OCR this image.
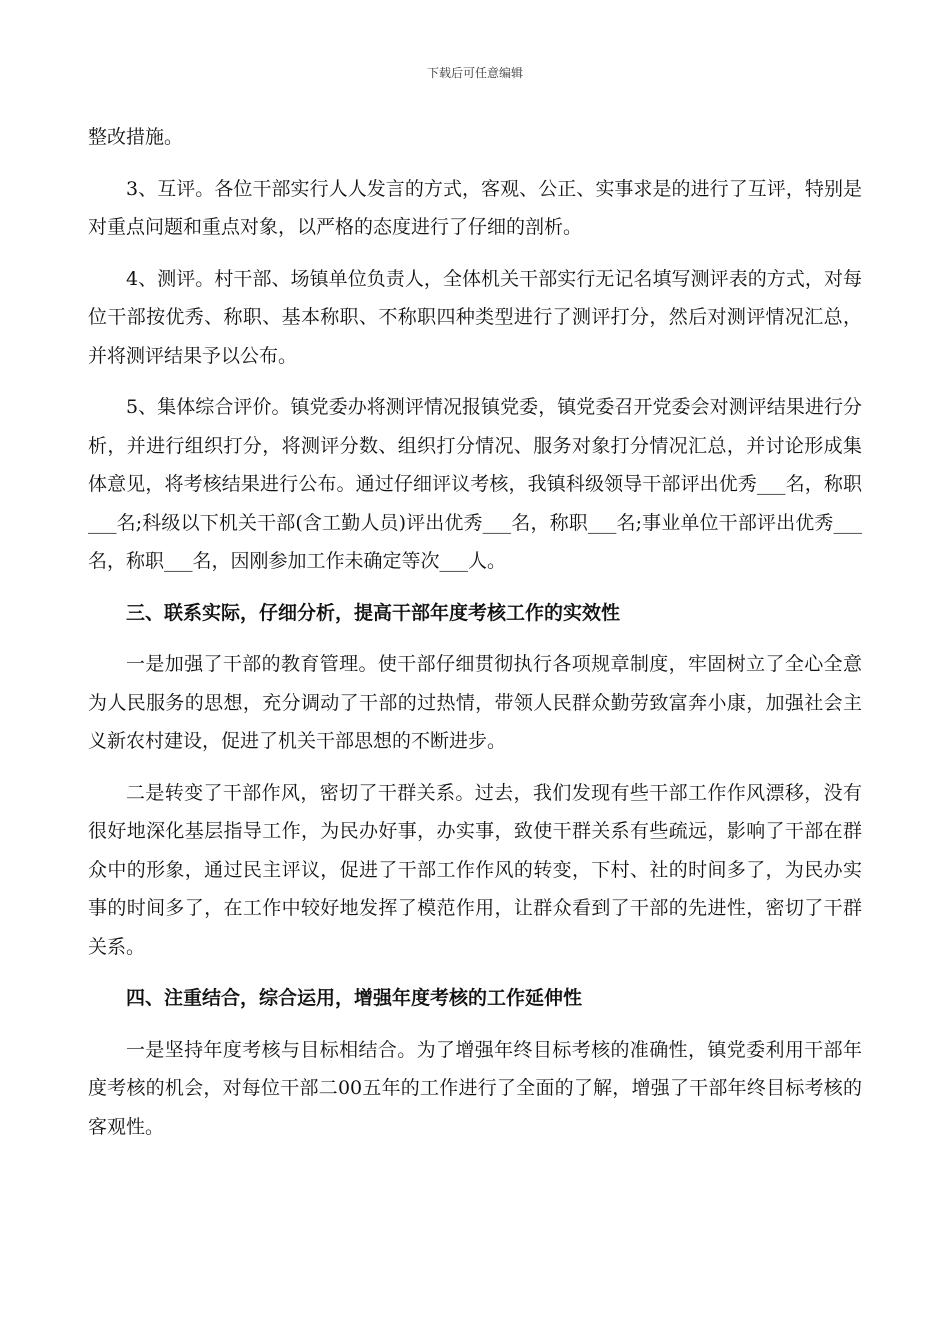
下载后可任意编辑

整改措施。

3、互评。各位干部实行人人发言的方式，客观、公正、实事求是的进行了互评，特别是对重点问题和重点对象，以严格的态度进行了仔细的剖析。

4、测评。村干部、场镇单位负责人，全体机关干部实行无记名填写测评表的方式，对每位干部按优秀、称职、基本称职、不称职四种类型进行了测评打分，然后对测评情况汇总，并将测评结果予以公布。

5、集体综合评价。镇党委办将测评情况报镇党委，镇党委召开党委会对测评结果进行分析，并进行组织打分，将测评分数、组织打分情况、服务对象打分情况汇总，并讨论形成集体意见，将考核结果进行公布。通过仔细评议考核，我镇科级领导干部评出优秀___名，称职___名;科级以下机关干部(含工勤人员)评出优秀___名，称职___名;事业单位干部评出优秀___名，称职___名，因刚参加工作未确定等次___人。

三、联系实际，仔细分析，提高干部年度考核工作的实效性

一是加强了干部的教育管理。使干部仔细贯彻执行各项规章制度，牢固树立了全心全意为人民服务的思想，充分调动了干部的过热情，带领人民群众勤劳致富奔小康，加强社会主义新农村建设，促进了机关干部思想的不断进步。

二是转变了干部作风，密切了干群关系。过去，我们发现有些干部工作作风漂移，没有很好地深化基层指导工作，为民办好事，办实事，致使干群关系有些疏远，影响了干部在群众中的形象，通过民主评议，促进了干部工作作风的转变，下村、社的时间多了，为民办实事的时间多了，在工作中较好地发挥了模范作用，让群众看到了干部的先进性，密切了干群关系。

四、注重结合，综合运用，增强年度考核的工作延伸性

一是坚持年度考核与目标相结合。为了增强年终目标考核的准确性，镇党委利用干部年度考核的机会，对每位干部二00五年的工作进行了全面的了解，增强了干部年终目标考核的客观性。
